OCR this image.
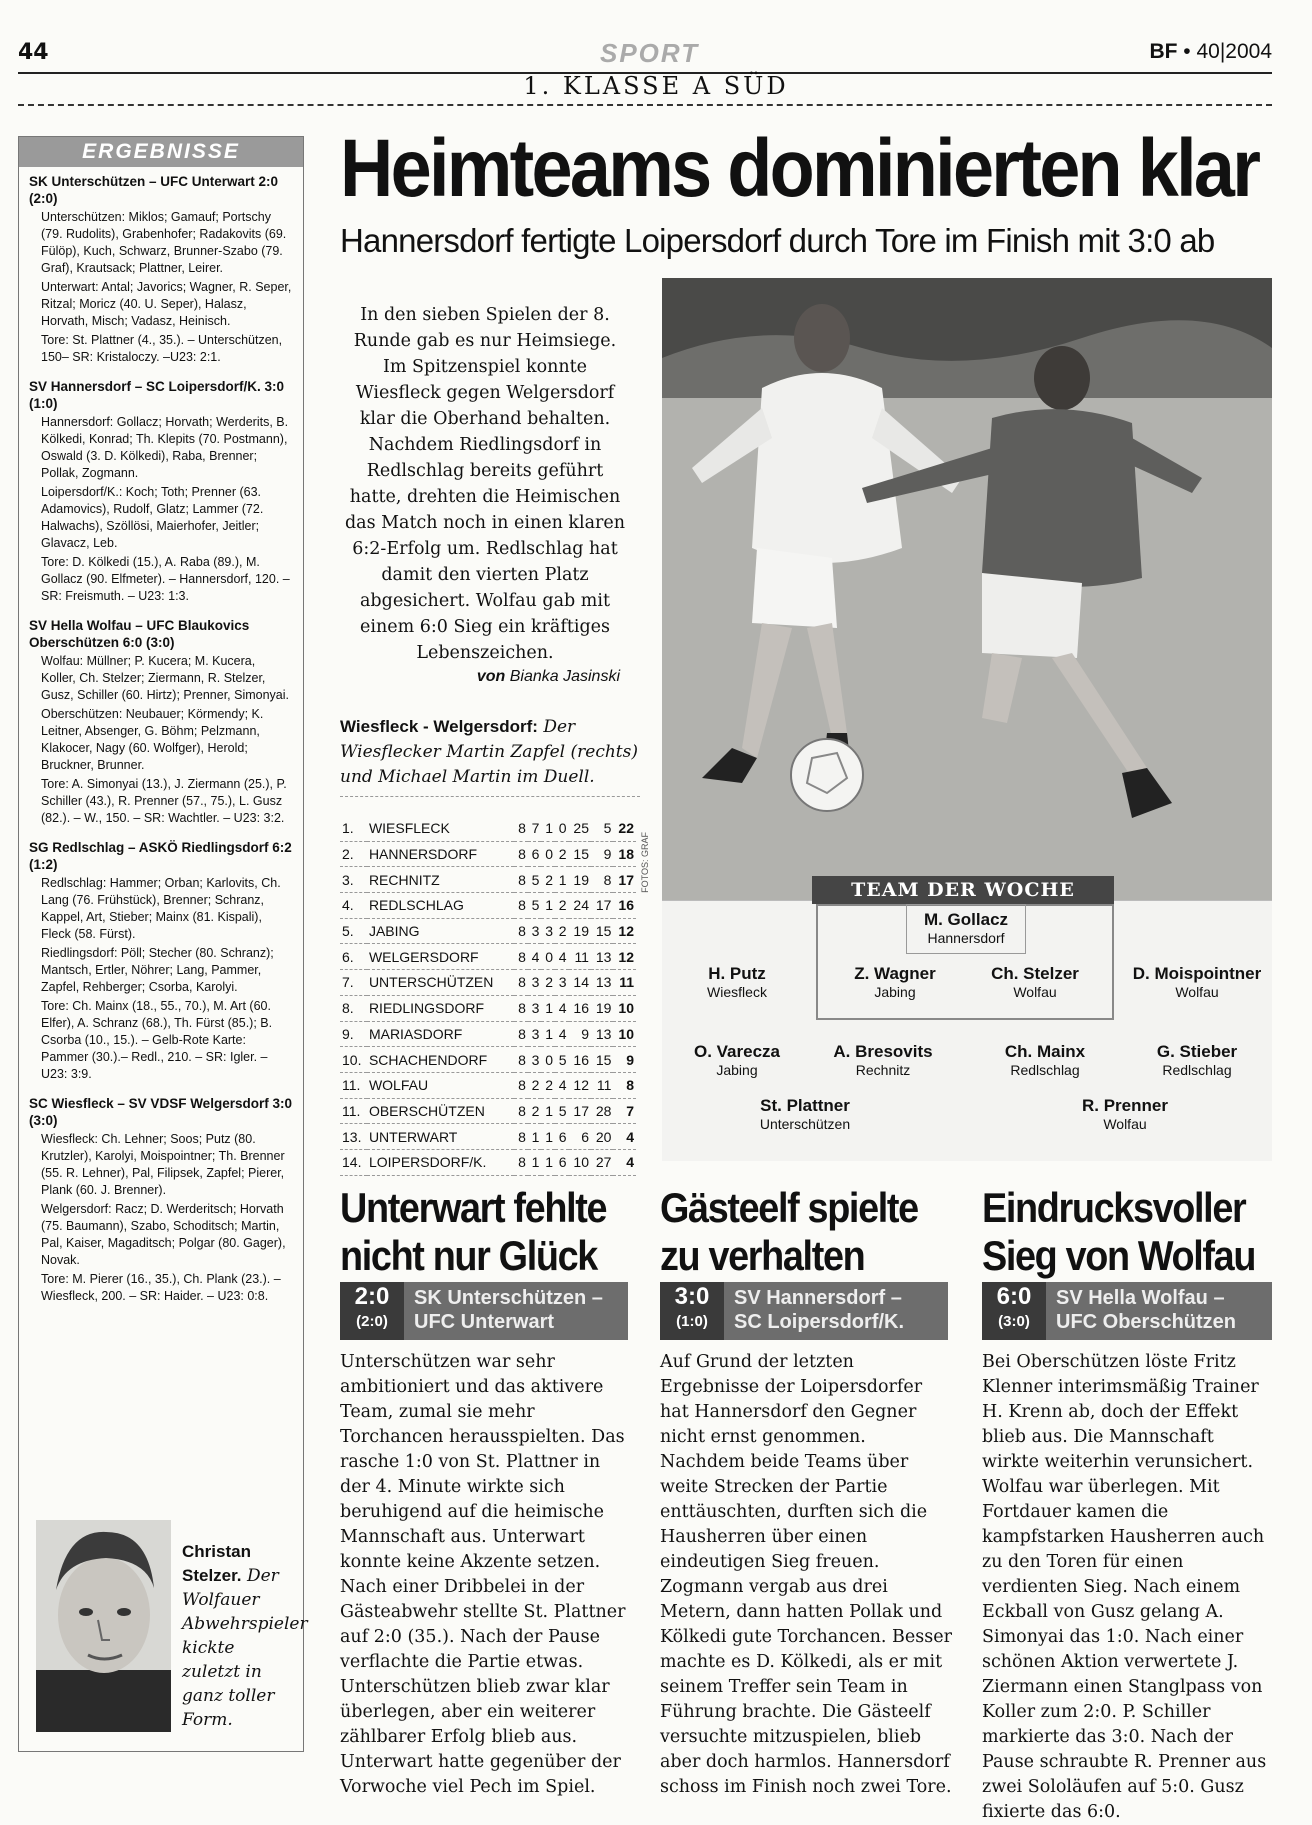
44	SPORT	BF • 40|2004
1. KLASSE A SÜD
ERGEBNISSE
SK Unterschützen – UFC Unterwart 2:0 (2:0)

Unterschützen: Miklos; Gamauf; Portschy (79. Rudolits), Grabenhofer; Radakovits (69. Fülöp), Kuch, Schwarz, Brunner-Szabo (79. Graf), Krautsack; Plattner, Leirer.

Unterwart: Antal; Javorics; Wagner, R. Seper, Ritzal; Moricz (40. U. Seper), Halasz, Horvath, Misch; Vadasz, Heinisch.

Tore: St. Plattner (4., 35.). – Unterschützen, 150– SR: Kristaloczy. –U23: 2:1.

SV Hannersdorf – SC Loipersdorf/K. 3:0 (1:0)

Hannersdorf: Gollacz; Horvath; Werderits, B. Kölkedi, Konrad; Th. Klepits (70. Postmann), Oswald (3. D. Kölkedi), Raba, Brenner; Pollak, Zogmann.

Loipersdorf/K.: Koch; Toth; Prenner (63. Adamovics), Rudolf, Glatz; Lammer (72. Halwachs), Szöllösi, Maierhofer, Jeitler; Glavacz, Leb.

Tore: D. Kölkedi (15.), A. Raba (89.), M. Gollacz (90. Elfmeter). – Hannersdorf, 120. – SR: Freismuth. – U23: 1:3.

SV Hella Wolfau – UFC Blaukovics Oberschützen 6:0 (3:0)

Wolfau: Müllner; P. Kucera; M. Kucera, Koller, Ch. Stelzer; Ziermann, R. Stelzer, Gusz, Schiller (60. Hirtz); Prenner, Simonyai.

Oberschützen: Neubauer; Körmendy; K. Leitner, Absenger, G. Böhm; Pelzmann, Klakocer, Nagy (60. Wolfger), Herold; Bruckner, Brunner.

Tore: A. Simonyai (13.), J. Ziermann (25.), P. Schiller (43.), R. Prenner (57., 75.), L. Gusz (82.). – W., 150. – SR: Wachtler. – U23: 3:2.

SG Redlschlag – ASKÖ Riedlingsdorf 6:2 (1:2)

Redlschlag: Hammer; Orban; Karlovits, Ch. Lang (76. Frühstück), Brenner; Schranz, Kappel, Art, Stieber; Mainx (81. Kispali), Fleck (58. Fürst).

Riedlingsdorf: Pöll; Stecher (80. Schranz); Mantsch, Ertler, Nöhrer; Lang, Pammer, Zapfel, Rehberger; Csorba, Karolyi.

Tore: Ch. Mainx (18., 55., 70.), M. Art (60. Elfer), A. Schranz (68.), Th. Fürst (85.); B. Csorba (10., 15.). – Gelb-Rote Karte: Pammer (30.).– Redl., 210. – SR: Igler. – U23: 3:9.

SC Wiesfleck – SV VDSF Welgersdorf 3:0 (3:0)

Wiesfleck: Ch. Lehner; Soos; Putz (80. Krutzler), Karolyi, Moispointner; Th. Brenner (55. R. Lehner), Pal, Filipsek, Zapfel; Pierer, Plank (60. J. Brenner).

Welgersdorf: Racz; D. Werderitsch; Horvath (75. Baumann), Szabo, Schoditsch; Martin, Pal, Kaiser, Magaditsch; Polgar (80. Gager), Novak.

Tore: M. Pierer (16., 35.), Ch. Plank (23.). – Wiesfleck, 200. – SR: Haider. – U23: 0:8.

Christan Stelzer. Der Wolfauer Abwehrspieler kickte zuletzt in ganz toller Form.
Heimteams dominierten klar
Hannersdorf fertigte Loipersdorf durch Tore im Finish mit 3:0 ab
In den sieben Spielen der 8. Runde gab es nur Heimsiege. Im Spitzenspiel konnte Wiesfleck gegen Welgersdorf klar die Oberhand behalten. Nachdem Riedlingsdorf in Redlschlag bereits geführt hatte, drehten die Heimischen das Match noch in einen klaren 6:2-Erfolg um. Redlschlag hat damit den vierten Platz abgesichert. Wolfau gab mit einem 6:0 Sieg ein kräftiges Lebenszeichen.
von Bianka Jasinski
Wiesfleck - Welgersdorf: Der Wiesflecker Martin Zapfel (rechts) und Michael Martin im Duell.
FOTOS: GRAF
1.	WIESFLECK	8	7	1	0	25	5	22
2.	HANNERSDORF	8	6	0	2	15	9	18
3.	RECHNITZ	8	5	2	1	19	8	17
4.	REDLSCHLAG	8	5	1	2	24	17	16
5.	JABING	8	3	3	2	19	15	12
6.	WELGERSDORF	8	4	0	4	11	13	12
7.	UNTERSCHÜTZEN	8	3	2	3	14	13	11
8.	RIEDLINGSDORF	8	3	1	4	16	19	10
9.	MARIASDORF	8	3	1	4	9	13	10
10.	SCHACHENDORF	8	3	0	5	16	15	9
11.	WOLFAU	8	2	2	4	12	11	8
11.	OBERSCHÜTZEN	8	2	1	5	17	28	7
13.	UNTERWART	8	1	1	6	6	20	4
14.	LOIPERSDORF/K.	8	1	1	6	10	27	4
TEAM DER WOCHE
M. Gollacz
Hannersdorf
H. Putz
Wiesfleck
Z. Wagner
Jabing
Ch. Stelzer
Wolfau
D. Moispointner
Wolfau
O. Varecza
Jabing
A. Bresovits
Rechnitz
Ch. Mainx
Redlschlag
G. Stieber
Redlschlag
St. Plattner
Unterschützen
R. Prenner
Wolfau
Unterwart fehlte
nicht nur Glück
2:0
(2:0)
SK Unterschützen –
UFC Unterwart
Unterschützen war sehr ambitioniert und das aktivere Team, zumal sie mehr Torchancen herausspielten. Das rasche 1:0 von St. Plattner in der 4. Minute wirkte sich beruhigend auf die heimische Mannschaft aus. Unterwart konnte keine Akzente setzen. Nach einer Dribbelei in der Gästeabwehr stellte St. Plattner auf 2:0 (35.). Nach der Pause verflachte die Partie etwas. Unterschützen blieb zwar klar überlegen, aber ein weiterer zählbarer Erfolg blieb aus. Unterwart hatte gegenüber der Vorwoche viel Pech im Spiel.
Gästeelf spielte
zu verhalten
3:0
(1:0)
SV Hannersdorf –
SC Loipersdorf/K.
Auf Grund der letzten Ergebnisse der Loipersdorfer hat Hannersdorf den Gegner nicht ernst genommen. Nachdem beide Teams über weite Strecken der Partie enttäuschten, durften sich die Hausherren über einen eindeutigen Sieg freuen. Zogmann vergab aus drei Metern, dann hatten Pollak und Kölkedi gute Torchancen. Besser machte es D. Kölkedi, als er mit seinem Treffer sein Team in Führung brachte. Die Gästeelf versuchte mitzuspielen, blieb aber doch harmlos. Hannersdorf schoss im Finish noch zwei Tore.
Eindrucksvoller
Sieg von Wolfau
6:0
(3:0)
SV Hella Wolfau –
UFC Oberschützen
Bei Oberschützen löste Fritz Klenner interimsmäßig Trainer H. Krenn ab, doch der Effekt blieb aus. Die Mannschaft wirkte weiterhin verunsichert. Wolfau war überlegen. Mit Fortdauer kamen die kampfstarken Hausherren auch zu den Toren für einen verdienten Sieg. Nach einem Eckball von Gusz gelang A. Simonyai das 1:0. Nach einer schönen Aktion verwertete J. Ziermann einen Stanglpass von Koller zum 2:0. P. Schiller markierte das 3:0. Nach der Pause schraubte R. Prenner aus zwei Sololäufen auf 5:0. Gusz fixierte das 6:0.
